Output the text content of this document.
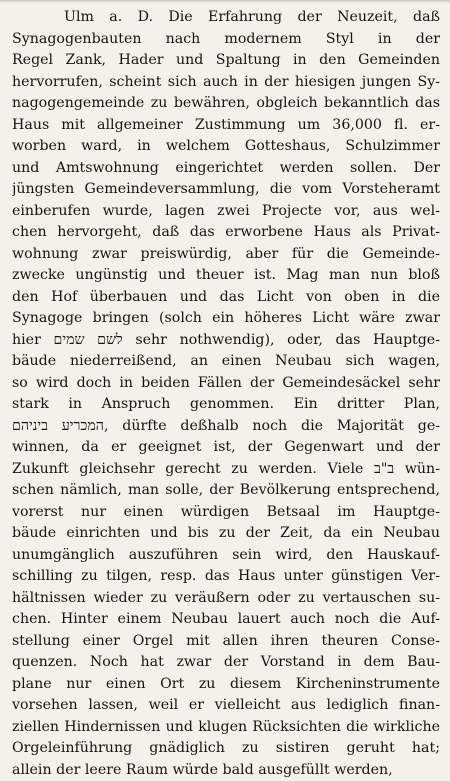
Ulm a. D. Die Erfahrung der Neuzeit, daß
Synagogenbauten nach modernem Styl in der
Regel Zank, Hader und Spaltung in den Gemeinden
hervorrufen, scheint sich auch in der hiesigen jungen Sy-
nagogengemeinde zu bewähren, obgleich bekanntlich das
Haus mit allgemeiner Zustimmung um 36,000 fl. er-
worben ward, in welchem Gotteshaus, Schulzimmer
und Amtswohnung eingerichtet werden sollen. Der
jüngsten Gemeindeversammlung, die vom Vorsteheramt
einberufen wurde, lagen zwei Projecte vor, aus wel-
chen hervorgeht, daß das erworbene Haus als Privat-
wohnung zwar preiswürdig, aber für die Gemeinde-
zwecke ungünstig und theuer ist. Mag man nun bloß
den Hof überbauen und das Licht von oben in die
Synagoge bringen (solch ein höheres Licht wäre zwar
hier לשם שמים sehr nothwendig), oder, das Hauptge-
bäude niederreißend, an einen Neubau sich wagen,
so wird doch in beiden Fällen der Gemeindesäckel sehr
stark in Anspruch genommen. Ein dritter Plan,
המכריע ביניהם, dürfte deßhalb noch die Majorität ge-
winnen, da er geeignet ist, der Gegenwart und der
Zukunft gleichsehr gerecht zu werden. Viele ב"ב wün-
schen nämlich, man solle, der Bevölkerung entsprechend,
vorerst nur einen würdigen Betsaal im Hauptge-
bäude einrichten und bis zu der Zeit, da ein Neubau
unumgänglich auszuführen sein wird, den Hauskauf-
schilling zu tilgen, resp. das Haus unter günstigen Ver-
hältnissen wieder zu veräußern oder zu vertauschen su-
chen. Hinter einem Neubau lauert auch noch die Auf-
stellung einer Orgel mit allen ihren theuren Conse-
quenzen. Noch hat zwar der Vorstand in dem Bau-
plane nur einen Ort zu diesem Kircheninstrumente
vorsehen lassen, weil er vielleicht aus lediglich finan-
ziellen Hindernissen und klugen Rücksichten die wirkliche
Orgeleinführung gnädiglich zu sistiren geruht hat;
allein der leere Raum würde bald ausgefüllt werden,
